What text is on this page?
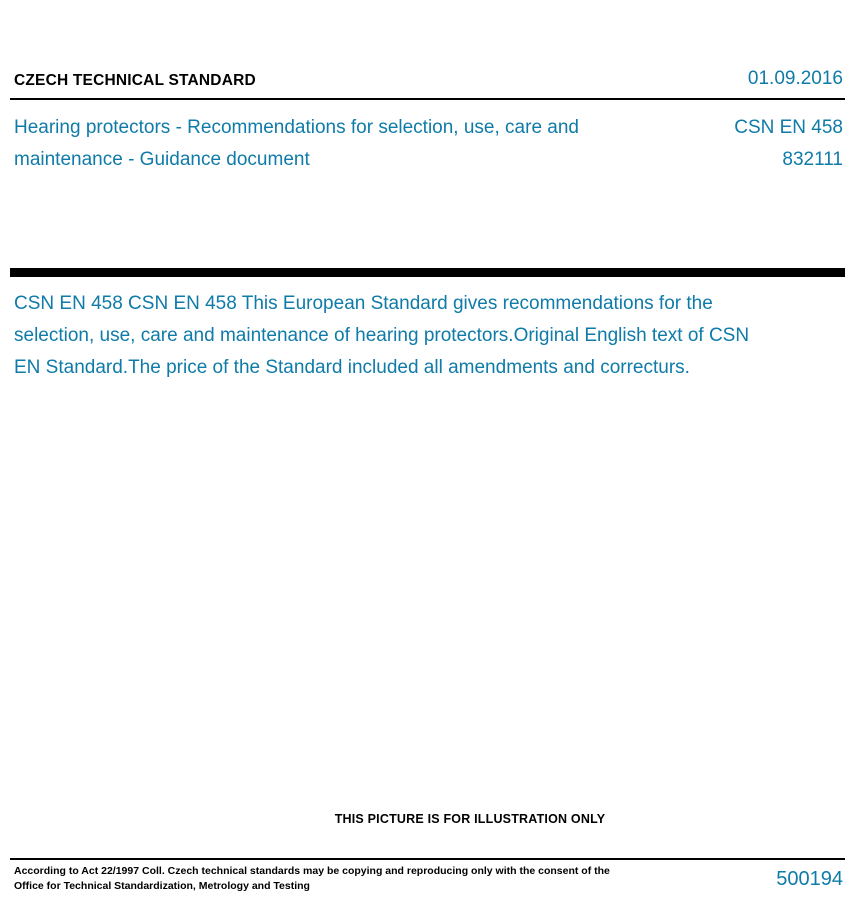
CZECH TECHNICAL STANDARD	01.09.2016
Hearing protectors - Recommendations for selection, use, care and maintenance - Guidance document
CSN EN 458
832111
CSN EN 458 CSN EN 458 This European Standard gives recommendations for the selection, use, care and maintenance of hearing protectors.Original English text of CSN EN Standard.The price of the Standard included all amendments and correcturs.
THIS PICTURE IS FOR ILLUSTRATION ONLY
According to Act 22/1997 Coll. Czech technical standards may be copying and reproducing only with the consent of the Office for Technical Standardization, Metrology and Testing	500194
